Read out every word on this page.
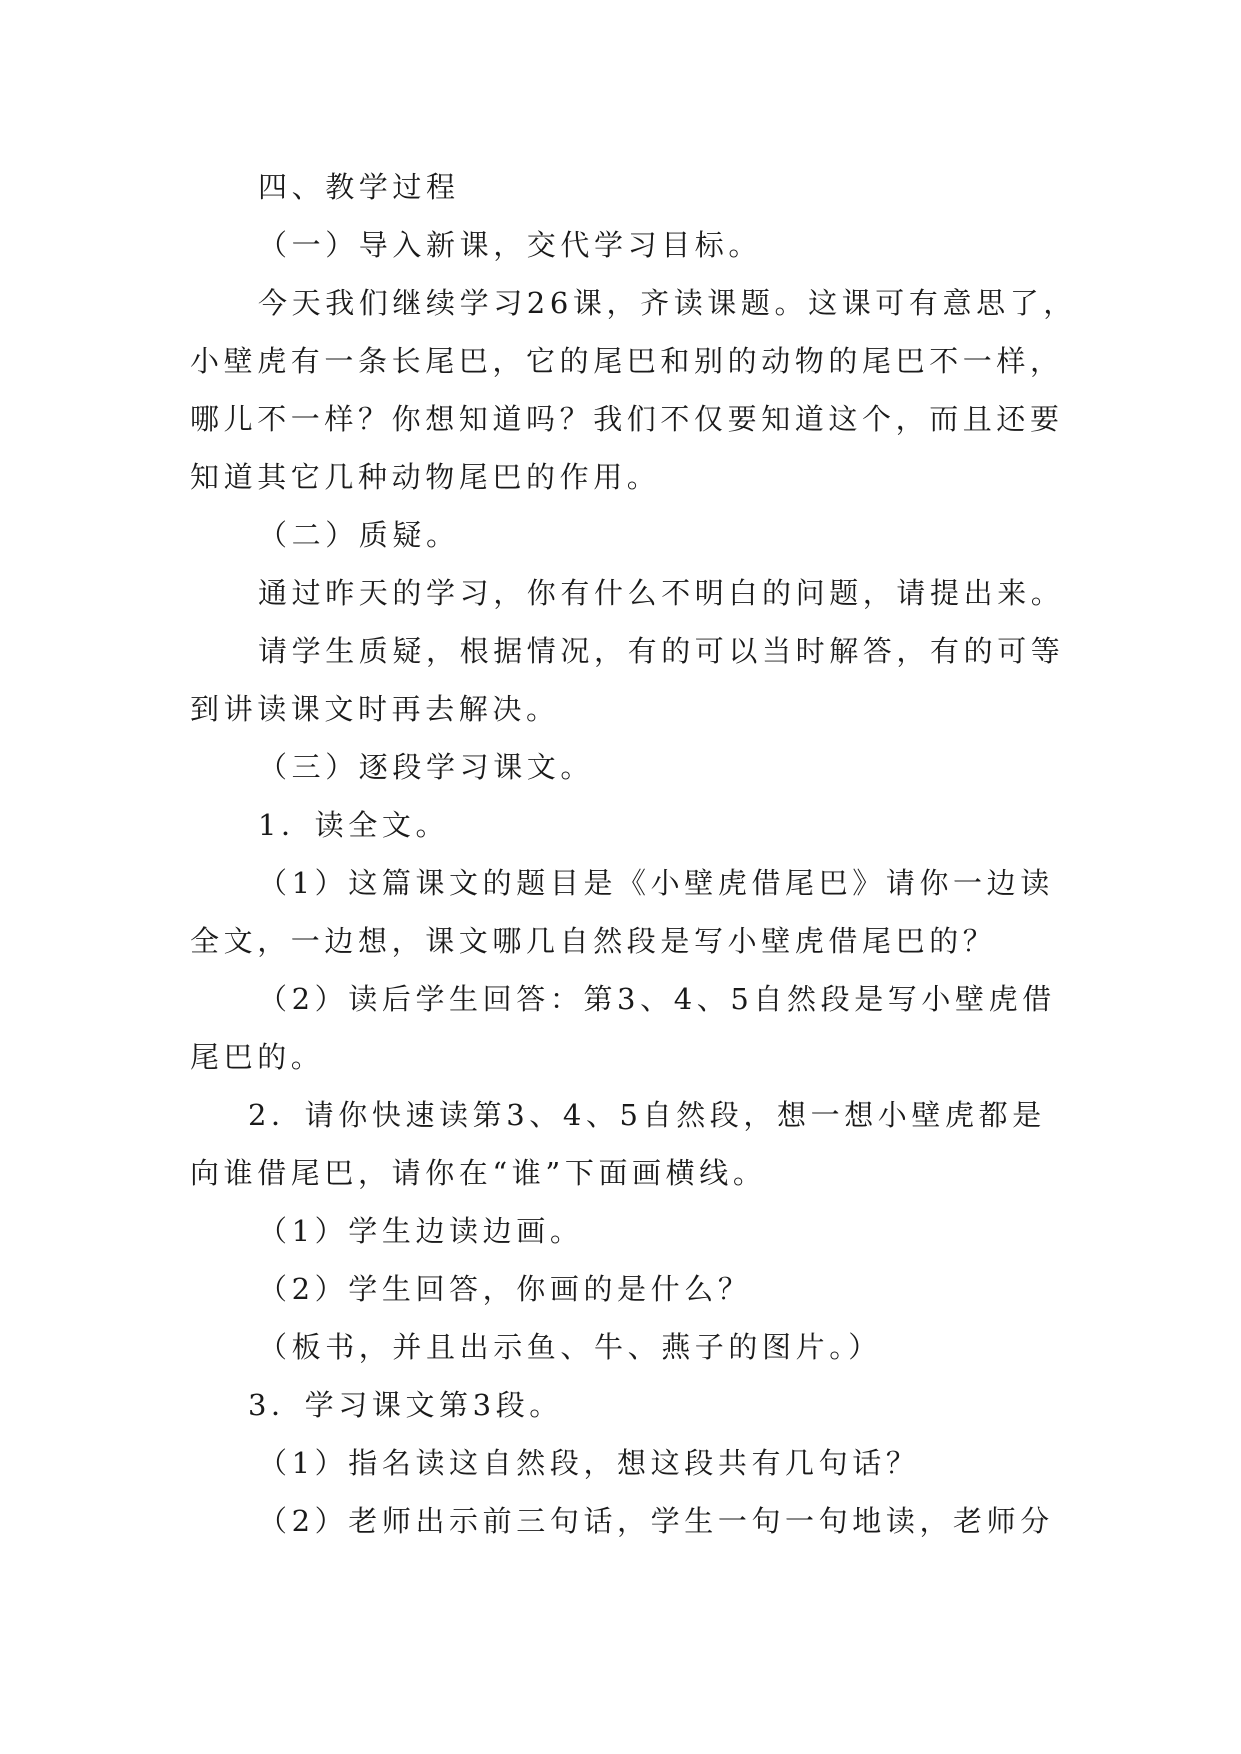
四、教学过程
（一）导入新课，交代学习目标。
今天我们继续学习26课，齐读课题。这课可有意思了，
小壁虎有一条长尾巴，它的尾巴和别的动物的尾巴不一样，
哪儿不一样？你想知道吗？我们不仅要知道这个，而且还要
知道其它几种动物尾巴的作用。
（二）质疑。
通过昨天的学习，你有什么不明白的问题，请提出来。
请学生质疑，根据情况，有的可以当时解答，有的可等
到讲读课文时再去解决。
（三）逐段学习课文。
1．读全文。
（1）这篇课文的题目是《小壁虎借尾巴》请你一边读
全文，一边想，课文哪几自然段是写小壁虎借尾巴的？
（2）读后学生回答：第3、4、5自然段是写小壁虎借
尾巴的。
2．请你快速读第3、4、5自然段，想一想小壁虎都是
向谁借尾巴，请你在“谁”下面画横线。
（1）学生边读边画。
（2）学生回答，你画的是什么？
（板书，并且出示鱼、牛、燕子的图片。）
3．学习课文第3段。
（1）指名读这自然段，想这段共有几句话？
（2）老师出示前三句话，学生一句一句地读，老师分
